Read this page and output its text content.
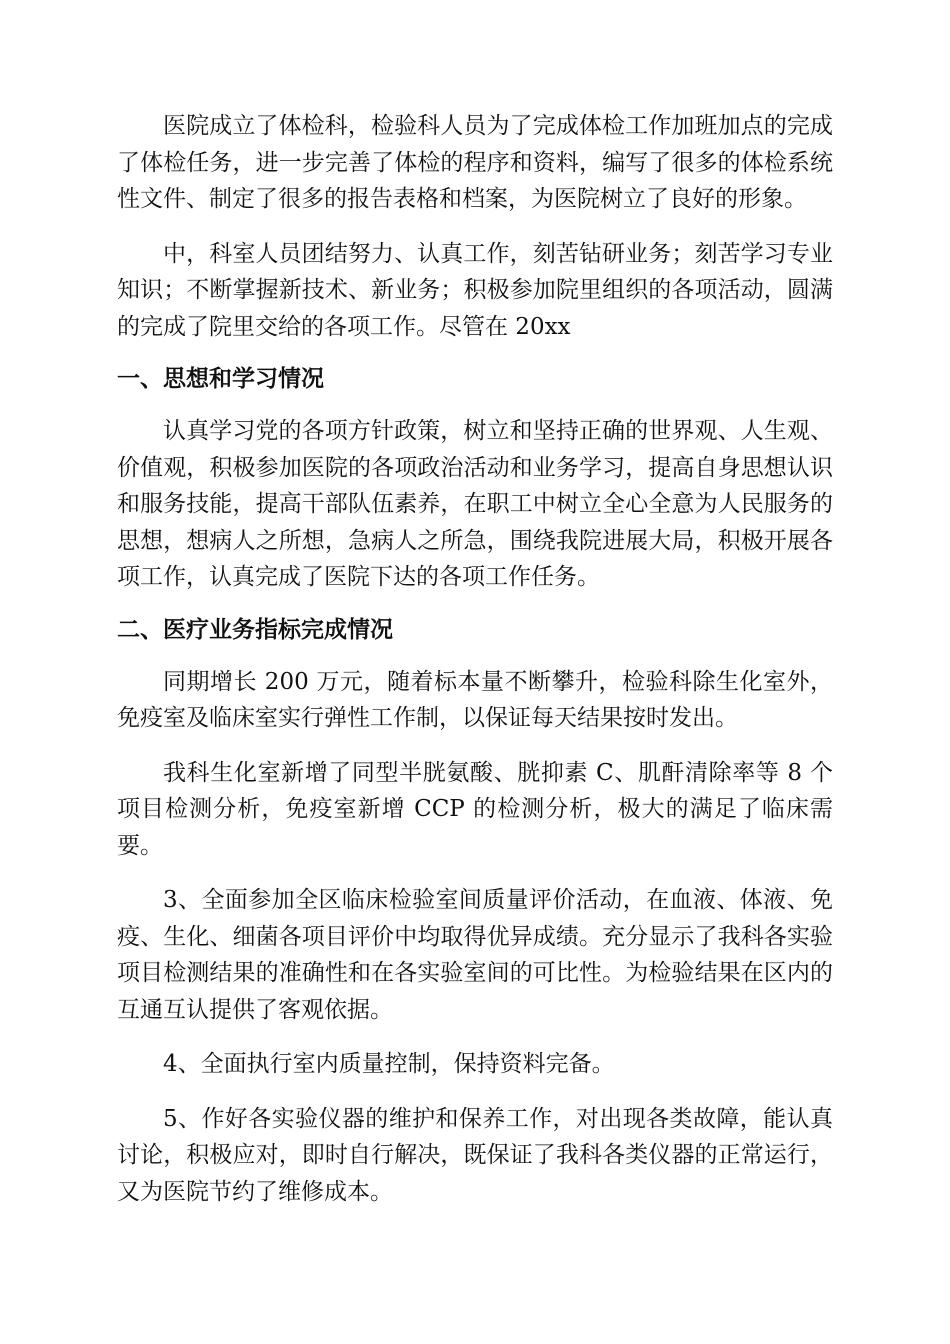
医院成立了体检科，检验科人员为了完成体检工作加班加点的完成了体检任务，进一步完善了体检的程序和资料，编写了很多的体检系统性文件、制定了很多的报告表格和档案，为医院树立了良好的形象。

中，科室人员团结努力、认真工作，刻苦钻研业务；刻苦学习专业知识；不断掌握新技术、新业务；积极参加院里组织的各项活动，圆满的完成了院里交给的各项工作。尽管在 20xx

一、思想和学习情况

认真学习党的各项方针政策，树立和坚持正确的世界观、人生观、价值观，积极参加医院的各项政治活动和业务学习，提高自身思想认识和服务技能，提高干部队伍素养，在职工中树立全心全意为人民服务的思想，想病人之所想，急病人之所急，围绕我院进展大局，积极开展各项工作，认真完成了医院下达的各项工作任务。

二、医疗业务指标完成情况

同期增长 200 万元，随着标本量不断攀升，检验科除生化室外，免疫室及临床室实行弹性工作制，以保证每天结果按时发出。

我科生化室新增了同型半胱氨酸、胱抑素 C、肌酐清除率等 8 个项目检测分析，免疫室新增 CCP 的检测分析，极大的满足了临床需要。

3、全面参加全区临床检验室间质量评价活动，在血液、体液、免疫、生化、细菌各项目评价中均取得优异成绩。充分显示了我科各实验项目检测结果的准确性和在各实验室间的可比性。为检验结果在区内的互通互认提供了客观依据。

4、全面执行室内质量控制，保持资料完备。

5、作好各实验仪器的维护和保养工作，对出现各类故障，能认真讨论，积极应对，即时自行解决，既保证了我科各类仪器的正常运行，又为医院节约了维修成本。
